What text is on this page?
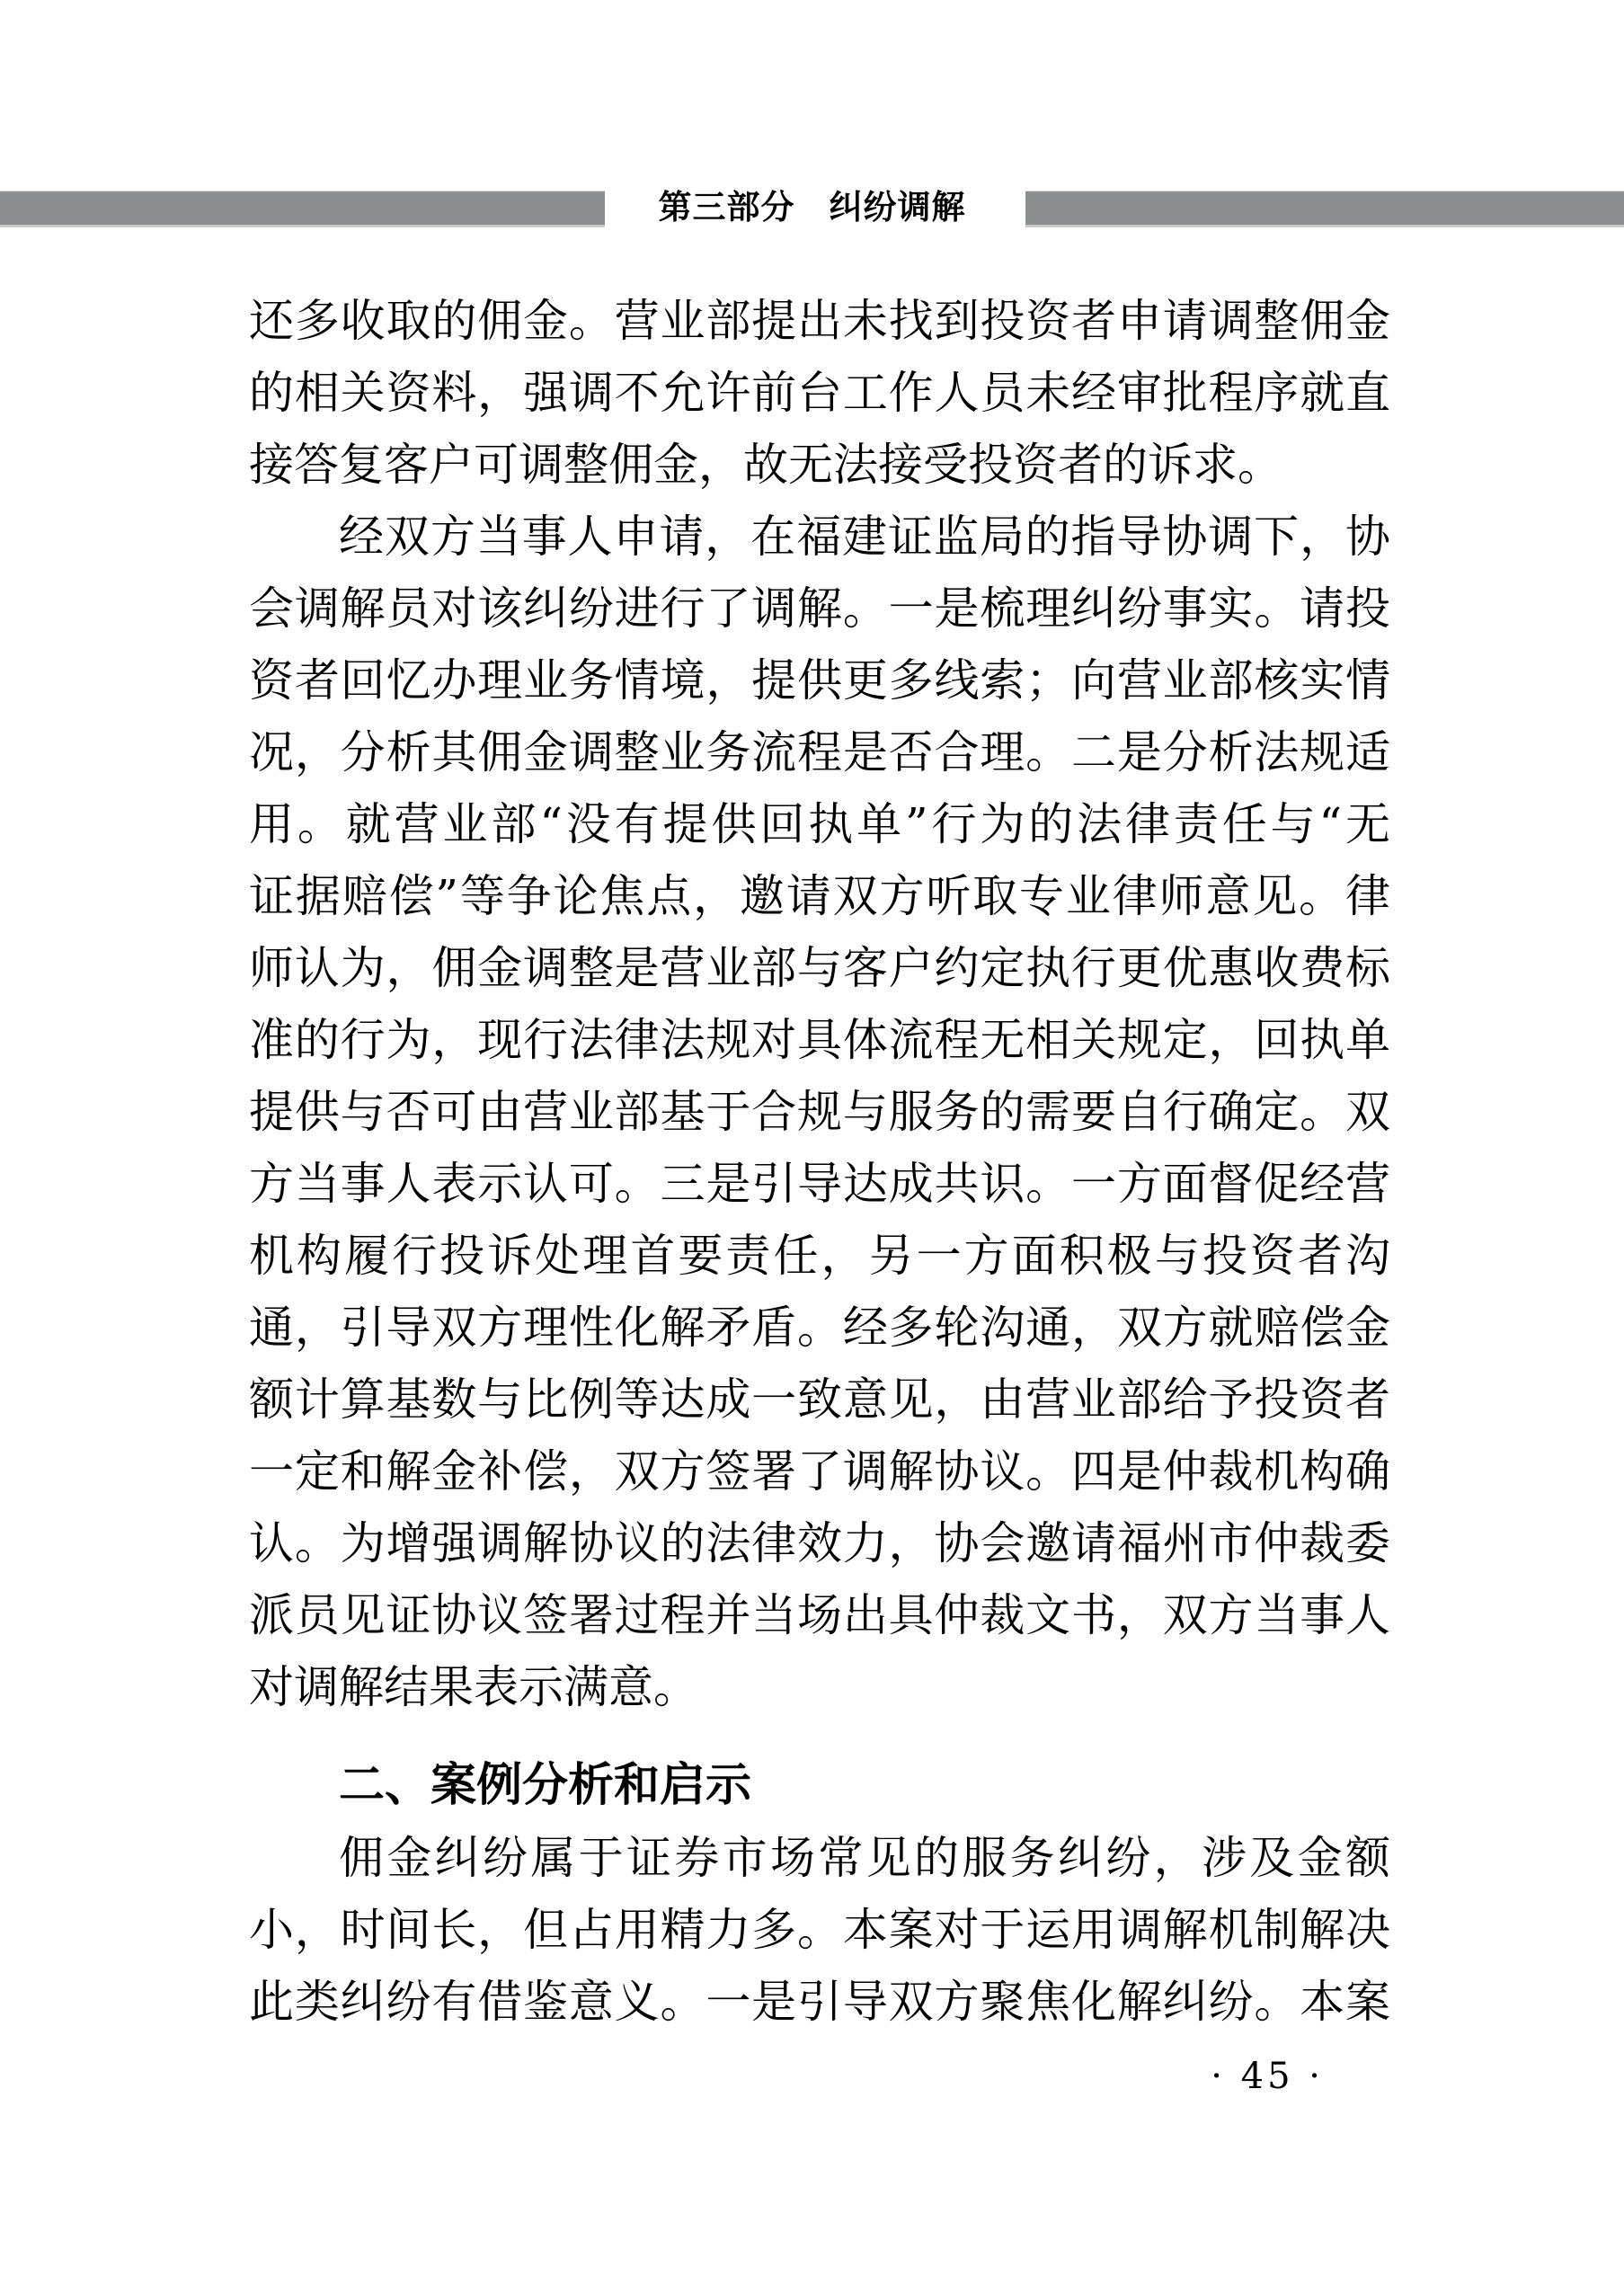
第三部分　纠纷调解

还多收取的佣金。营业部提出未找到投资者申请调整佣金
的相关资料，强调不允许前台工作人员未经审批程序就直
接答复客户可调整佣金，故无法接受投资者的诉求。

经双方当事人申请，在福建证监局的指导协调下，协
会调解员对该纠纷进行了调解。一是梳理纠纷事实。请投
资者回忆办理业务情境，提供更多线索；向营业部核实情
况，分析其佣金调整业务流程是否合理。二是分析法规适
用。就营业部“没有提供回执单”行为的法律责任与“无
证据赔偿”等争论焦点，邀请双方听取专业律师意见。律
师认为，佣金调整是营业部与客户约定执行更优惠收费标
准的行为，现行法律法规对具体流程无相关规定，回执单
提供与否可由营业部基于合规与服务的需要自行确定。双
方当事人表示认可。三是引导达成共识。一方面督促经营
机构履行投诉处理首要责任，另一方面积极与投资者沟
通，引导双方理性化解矛盾。经多轮沟通，双方就赔偿金
额计算基数与比例等达成一致意见，由营业部给予投资者
一定和解金补偿，双方签署了调解协议。四是仲裁机构确
认。为增强调解协议的法律效力，协会邀请福州市仲裁委
派员见证协议签署过程并当场出具仲裁文书，双方当事人
对调解结果表示满意。

二、案例分析和启示

佣金纠纷属于证券市场常见的服务纠纷，涉及金额
小，时间长，但占用精力多。本案对于运用调解机制解决
此类纠纷有借鉴意义。一是引导双方聚焦化解纠纷。本案

· 45 ·
